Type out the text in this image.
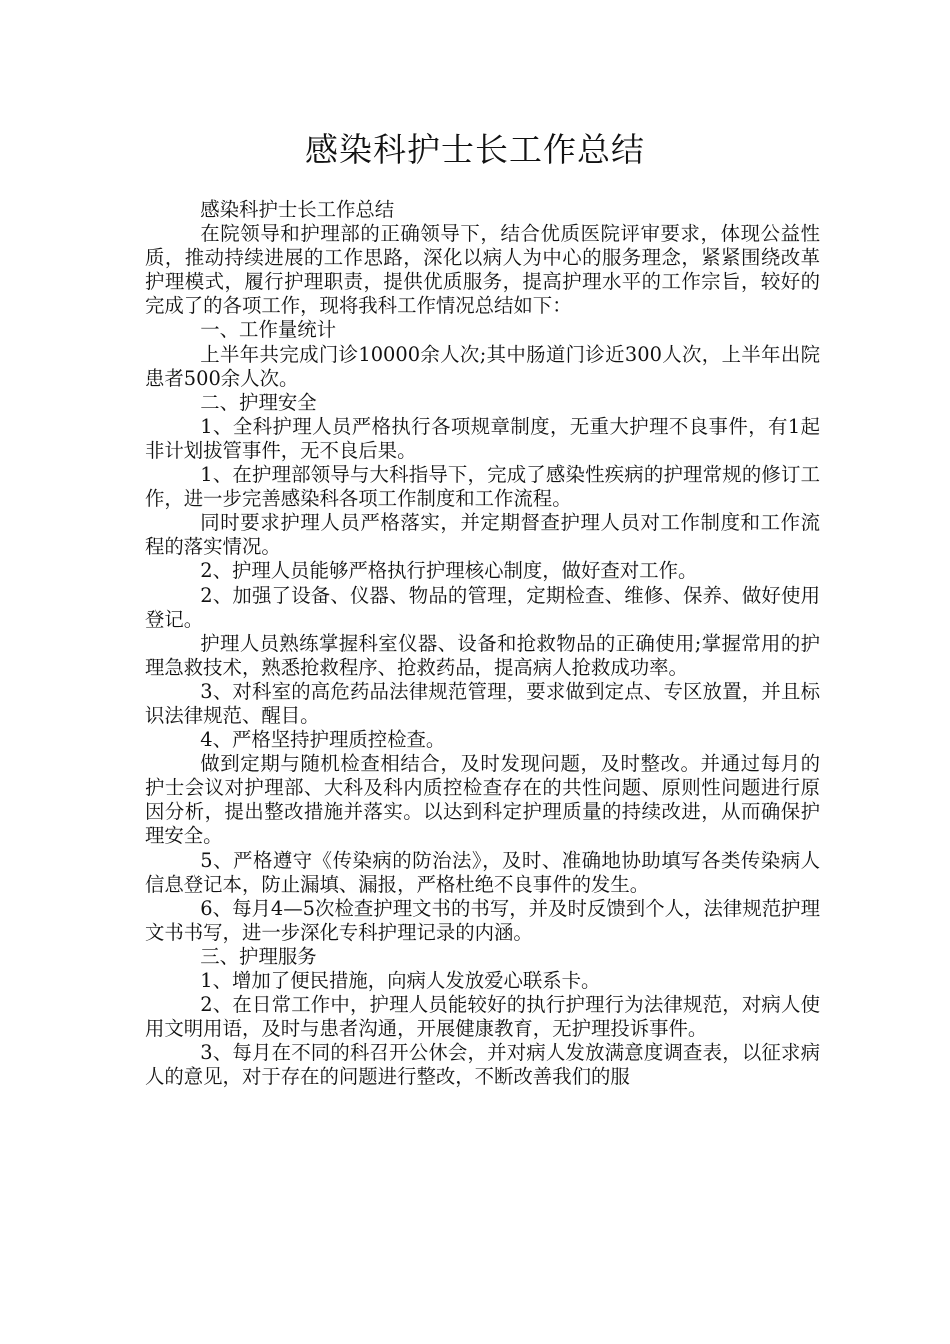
感染科护士长工作总结

感染科护士长工作总结

在院领导和护理部的正确领导下，结合优质医院评审要求，体现公益性质，推动持续进展的工作思路，深化以病人为中心的服务理念，紧紧围绕改革护理模式，履行护理职责，提供优质服务，提高护理水平的工作宗旨，较好的完成了的各项工作，现将我科工作情况总结如下：

一、工作量统计

上半年共完成门诊10000余人次;其中肠道门诊近300人次，上半年出院患者500余人次。

二、护理安全

1、全科护理人员严格执行各项规章制度，无重大护理不良事件，有1起非计划拔管事件，无不良后果。

1、在护理部领导与大科指导下，完成了感染性疾病的护理常规的修订工作，进一步完善感染科各项工作制度和工作流程。

同时要求护理人员严格落实，并定期督查护理人员对工作制度和工作流程的落实情况。

2、护理人员能够严格执行护理核心制度，做好查对工作。

2、加强了设备、仪器、物品的管理，定期检查、维修、保养、做好使用登记。

护理人员熟练掌握科室仪器、设备和抢救物品的正确使用;掌握常用的护理急救技术，熟悉抢救程序、抢救药品，提高病人抢救成功率。

3、对科室的高危药品法律规范管理，要求做到定点、专区放置，并且标识法律规范、醒目。

4、严格坚持护理质控检查。

做到定期与随机检查相结合，及时发现问题，及时整改。并通过每月的护士会议对护理部、大科及科内质控检查存在的共性问题、原则性问题进行原因分析，提出整改措施并落实。以达到科定护理质量的持续改进，从而确保护理安全。

5、严格遵守《传染病的防治法》，及时、准确地协助填写各类传染病人信息登记本，防止漏填、漏报，严格杜绝不良事件的发生。

6、每月4—5次检查护理文书的书写，并及时反馈到个人，法律规范护理文书书写，进一步深化专科护理记录的内涵。

三、护理服务

1、增加了便民措施，向病人发放爱心联系卡。

2、在日常工作中，护理人员能较好的执行护理行为法律规范，对病人使用文明用语，及时与患者沟通，开展健康教育，无护理投诉事件。

3、每月在不同的科召开公休会，并对病人发放满意度调查表，以征求病人的意见，对于存在的问题进行整改，不断改善我们的服
